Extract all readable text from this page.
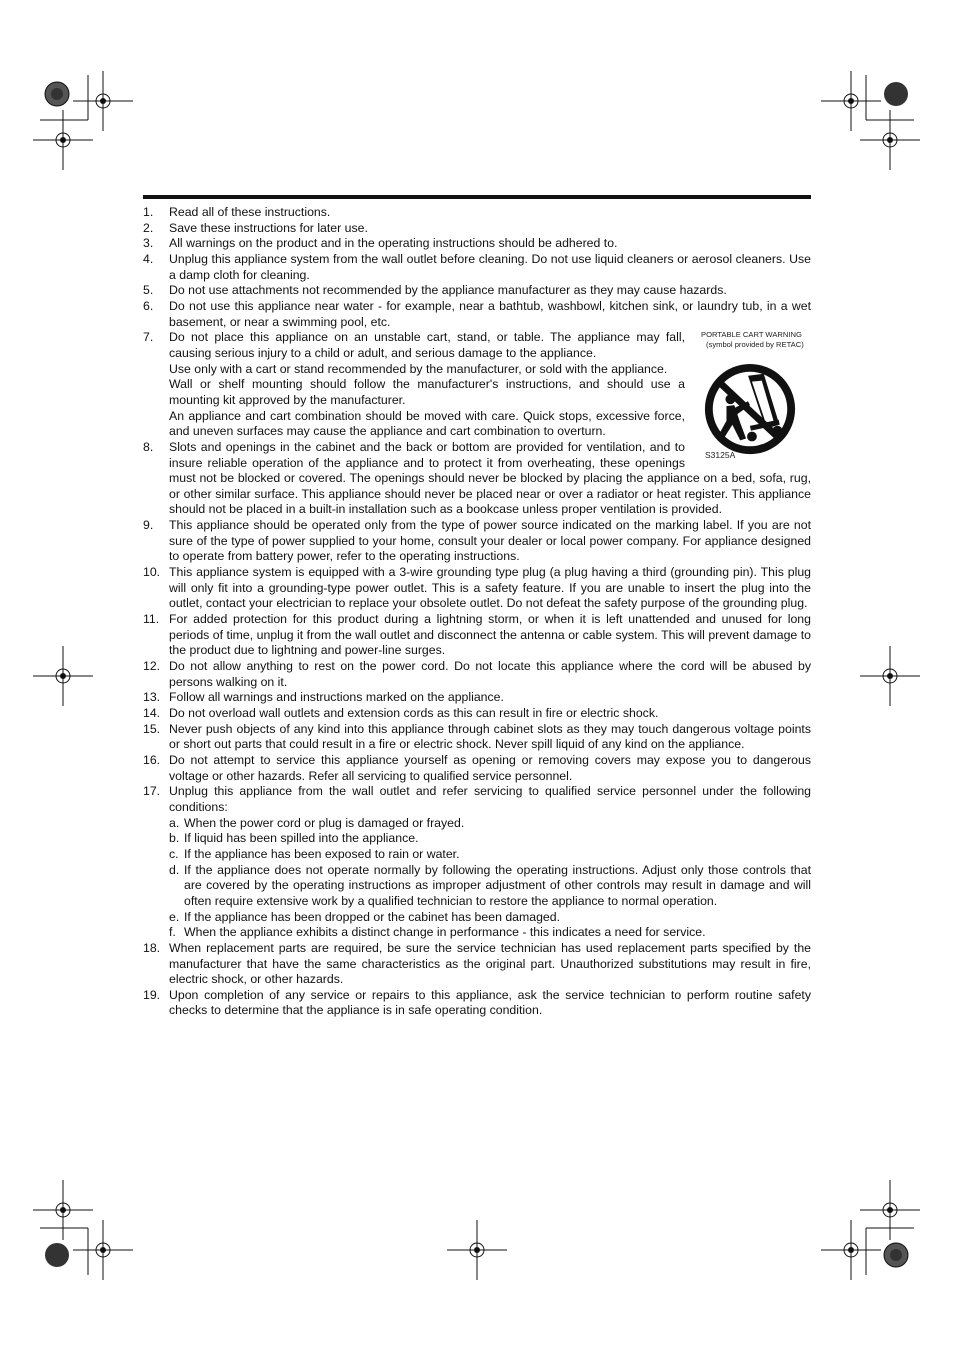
1. Read all of these instructions.
2. Save these instructions for later use.
3. All warnings on the product and in the operating instructions should be adhered to.
4. Unplug this appliance system from the wall outlet before cleaning. Do not use liquid cleaners or aerosol cleaners. Use a damp cloth for cleaning.
5. Do not use attachments not recommended by the appliance manufacturer as they may cause hazards.
6. Do not use this appliance near water - for example, near a bathtub, washbowl, kitchen sink, or laundry tub, in a wet basement, or near a swimming pool, etc.
7.	PORTABLE CART WARNING
(symbol provided by RETAC)
S3125A
Do not place this appliance on an unstable cart, stand, or table. The appliance may fall, causing serious injury to a child or adult, and serious damage to the appliance.
Use only with a cart or stand recommended by the manufacturer, or sold with the appliance.
Wall or shelf mounting should follow the manufacturer's instructions, and should use a mounting kit approved by the manufacturer.
An appliance and cart combination should be moved with care. Quick stops, excessive force, and uneven surfaces may cause the appliance and cart combination to overturn.
8. Slots and openings in the cabinet and the back or bottom are provided for ventilation, and to insure reliable operation of the appliance and to protect it from overheating, these openings must not be blocked or covered. The openings should never be blocked by placing the appliance on a bed, sofa, rug, or other similar surface. This appliance should never be placed near or over a radiator or heat register. This appliance should not be placed in a built-in installation such as a bookcase unless proper ventilation is provided.
9. This appliance should be operated only from the type of power source indicated on the marking label. If you are not sure of the type of power supplied to your home, consult your dealer or local power company. For appliance designed to operate from battery power, refer to the operating instructions.
10. This appliance system is equipped with a 3-wire grounding type plug (a plug having a third (grounding pin). This plug will only fit into a grounding-type power outlet. This is a safety feature. If you are unable to insert the plug into the outlet, contact your electrician to replace your obsolete outlet. Do not defeat the safety purpose of the grounding plug.
11. For added protection for this product during a lightning storm, or when it is left unattended and unused for long periods of time, unplug it from the wall outlet and disconnect the antenna or cable system. This will prevent damage to the product due to lightning and power-line surges.
12. Do not allow anything to rest on the power cord. Do not locate this appliance where the cord will be abused by persons walking on it.
13. Follow all warnings and instructions marked on the appliance.
14. Do not overload wall outlets and extension cords as this can result in fire or electric shock.
15. Never push objects of any kind into this appliance through cabinet slots as they may touch dangerous voltage points or short out parts that could result in a fire or electric shock. Never spill liquid of any kind on the appliance.
16. Do not attempt to service this appliance yourself as opening or removing covers may expose you to dangerous voltage or other hazards. Refer all servicing to qualified service personnel.
17. Unplug this appliance from the wall outlet and refer servicing to qualified service personnel under the following conditions:
a. When the power cord or plug is damaged or frayed.
b. If liquid has been spilled into the appliance.
c. If the appliance has been exposed to rain or water.
d. If the appliance does not operate normally by following the operating instructions. Adjust only those controls that are covered by the operating instructions as improper adjustment of other controls may result in damage and will often require extensive work by a qualified technician to restore the appliance to normal operation.
e. If the appliance has been dropped or the cabinet has been damaged.
f. When the appliance exhibits a distinct change in performance - this indicates a need for service.
18. When replacement parts are required, be sure the service technician has used replacement parts specified by the manufacturer that have the same characteristics as the original part. Unauthorized substitutions may result in fire, electric shock, or other hazards.
19. Upon completion of any service or repairs to this appliance, ask the service technician to perform routine safety checks to determine that the appliance is in safe operating condition.
